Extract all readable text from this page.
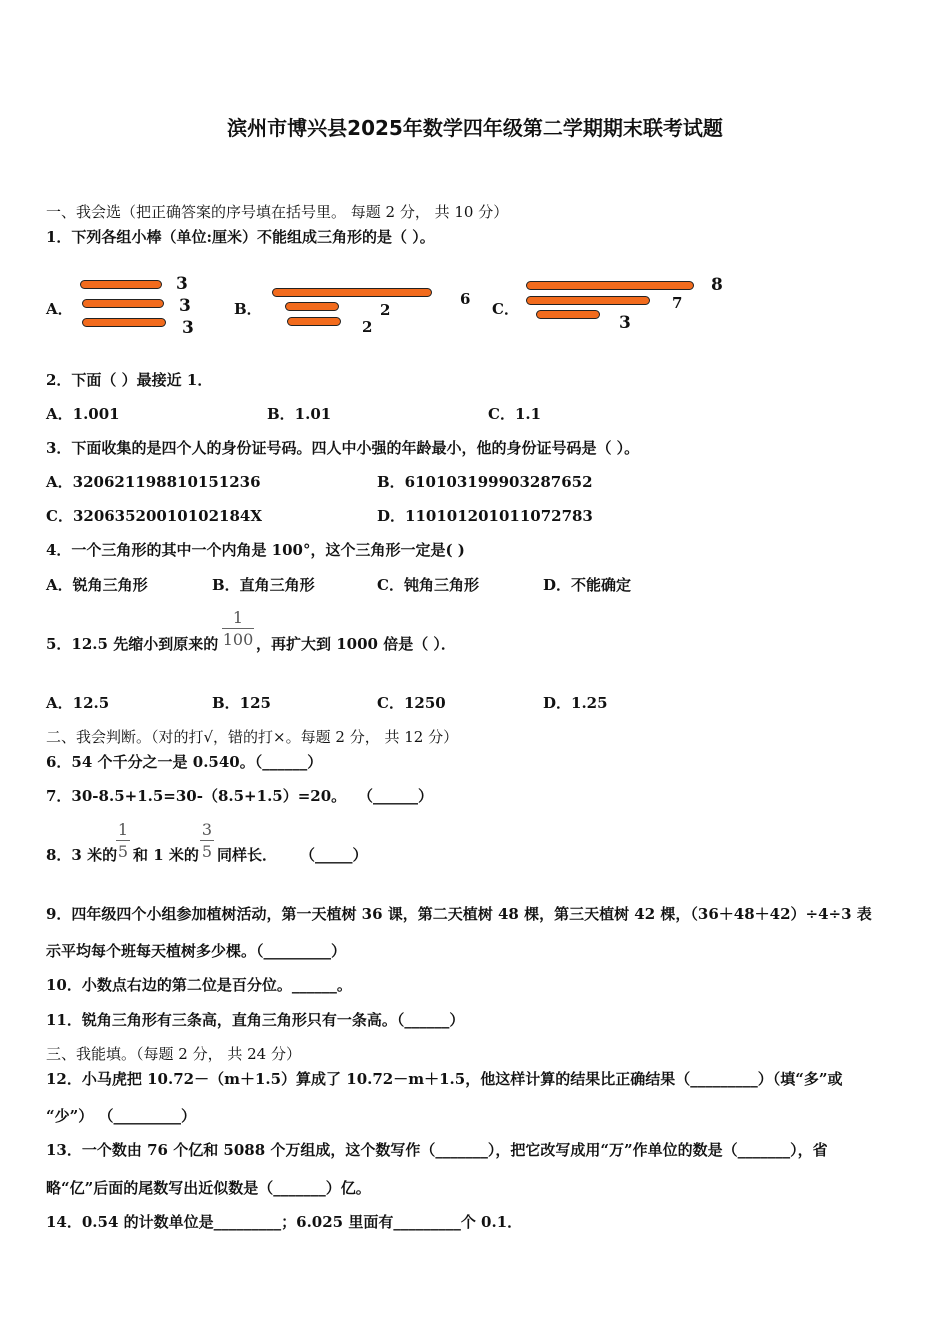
滨州市博兴县2025年数学四年级第二学期期末联考试题
一、我会选（把正确答案的序号填在括号里。 每题 2 分， 共 10 分）
1．下列各组小棒（单位:厘米）不能组成三角形的是（ ）。
A．
3
3
3
B．
6
2
2
C．
8
7
3
2．下面（ ）最接近 1．
A．1.001	B．1.01	C．1.1
3．下面收集的是四个人的身份证号码。四人中小强的年龄最小，他的身份证号码是（ ）。
A．320621198810151236	B．610103199903287652
C．32063520010102184X	D．110101201011072783
4．一个三角形的其中一个内角是 100°，这个三角形一定是( )
A．锐角三角形	B．直角三角形	C．钝角三角形	D．不能确定
5．12.5 先缩小到原来的
1
100 ，再扩大到 1000 倍是（ ）．
A．12.5	B．125	C．1250	D．1.25
二、我会判断。（对的打√，错的打×。每题 2 分， 共 12 分）
6．54 个千分之一是 0.540。（______）
7．30-8.5+1.5=30-（8.5+1.5）=20。 （______）
8．3 米的
1
5 和 1 米的
3
5 同样长． （_____）
9．四年级四个小组参加植树活动，第一天植树 36 课，第二天植树 48 棵，第三天植树 42 棵，（36＋48＋42）÷4÷3 表
示平均每个班每天植树多少棵。（_________）
10．小数点右边的第二位是百分位。______。
11．锐角三角形有三条高，直角三角形只有一条高。（______）
三、我能填。（每题 2 分， 共 24 分）
12．小马虎把 10.72－（m＋1.5）算成了 10.72－m＋1.5，他这样计算的结果比正确结果（_________）（填“多”或
“少”） （_________）
13．一个数由 76 个亿和 5088 个万组成，这个数写作（_______），把它改写成用“万”作单位的数是（_______），省
略“亿”后面的尾数写出近似数是（_______）亿。
14．0.54 的计数单位是_________；6.025 里面有_________个 0.1．
